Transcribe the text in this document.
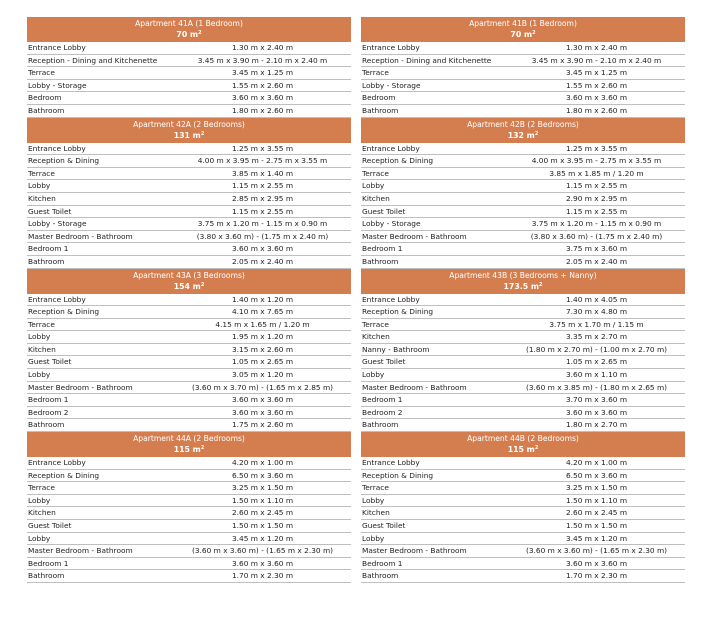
Apartment 41A (1 Bedroom)
70 $m^2$
Entrance Lobby	1.30 m x 2.40 m
Reception - Dining and Kitchenette	3.45 m x 3.90 m - 2.10 m x 2.40 m
Terrace	3.45 m x 1.25 m
Lobby - Storage	1.55 m x 2.60 m
Bedroom	3.60 m x 3.60 m
Bathroom	1.80 m x 2.60 m
Apartment 42A (2 Bedrooms)
131 $m^2$
Entrance Lobby	1.25 m x 3.55 m
Reception & Dining	4.00 m x 3.95 m - 2.75 m x 3.55 m
Terrace	3.85 m x 1.40 m
Lobby	1.15 m x 2.55 m
Kitchen	2.85 m x 2.95 m
Guest Toilet	1.15 m x 2.55 m
Lobby - Storage	3.75 m x 1.20 m - 1.15 m x 0.90 m
Master Bedroom - Bathroom	(3.80 x 3.60 m) - (1.75 m x 2.40 m)
Bedroom 1	3.60 m x 3.60 m
Bathroom	2.05 m x 2.40 m
Apartment 43A (3 Bedrooms)
154 $m^2$
Entrance Lobby	1.40 m x 1.20 m
Reception & Dining	4.10 m x 7.65 m
Terrace	4.15 m x 1.65 m / 1.20 m
Lobby	1.95 m x 1.20 m
Kitchen	3.15 m x 2.60 m
Guest Toilet	1.05 m x 2.65 m
Lobby	3.05 m x 1.20 m
Master Bedroom - Bathroom	(3.60 m x 3.70 m) - (1.65 m x 2.85 m)
Bedroom 1	3.60 m x 3.60 m
Bedroom 2	3.60 m x 3.60 m
Bathroom	1.75 m x 2.60 m
Apartment 44A (2 Bedrooms)
115 $m^2$
Entrance Lobby	4.20 m x 1.00 m
Reception & Dining	6.50 m x 3.60 m
Terrace	3.25 m x 1.50 m
Lobby	1.50 m x 1.10 m
Kitchen	2.60 m x 2.45 m
Guest Toilet	1.50 m x 1.50 m
Lobby	3.45 m x 1.20 m
Master Bedroom - Bathroom	(3.60 m x 3.60 m) - (1.65 m x 2.30 m)
Bedroom 1	3.60 m x 3.60 m
Bathroom	1.70 m x 2.30 m
Apartment 41B (1 Bedroom)
70 $m^2$
Entrance Lobby	1.30 m x 2.40 m
Reception - Dining and Kitchenette	3.45 m x 3.90 m - 2.10 m x 2.40 m
Terrace	3.45 m x 1.25 m
Lobby - Storage	1.55 m x 2.60 m
Bedroom	3.60 m x 3.60 m
Bathroom	1.80 m x 2.60 m
Apartment 42B (2 Bedrooms)
132 $m^2$
Entrance Lobby	1.25 m x 3.55 m
Reception & Dining	4.00 m x 3.95 m - 2.75 m x 3.55 m
Terrace	3.85 m x 1.85 m / 1.20 m
Lobby	1.15 m x 2.55 m
Kitchen	2.90 m x 2.95 m
Guest Toilet	1.15 m x 2.55 m
Lobby - Storage	3.75 m x 1.20 m - 1.15 m x 0.90 m
Master Bedroom - Bathroom	(3.80 x 3.60 m) - (1.75 m x 2.40 m)
Bedroom 1	3.75 m x 3.60 m
Bathroom	2.05 m x 2.40 m
Apartment 43B (3 Bedrooms + Nanny)
173.5 $m^2$
Entrance Lobby	1.40 m x 4.05 m
Reception & Dining	7.30 m x 4.80 m
Terrace	3.75 m x 1.70 m / 1.15 m
Kitchen	3.35 m x 2.70 m
Nanny - Bathroom	(1.80 m x 2.70 m) - (1.00 m x 2.70 m)
Guest Toilet	1.05 m x 2.65 m
Lobby	3.60 m x 1.10 m
Master Bedroom - Bathroom	(3.60 m x 3.85 m) - (1.80 m x 2.65 m)
Bedroom 1	3.70 m x 3.60 m
Bedroom 2	3.60 m x 3.60 m
Bathroom	1.80 m x 2.70 m
Apartment 44B (2 Bedrooms)
115 $m^2$
Entrance Lobby	4.20 m x 1.00 m
Reception & Dining	6.50 m x 3.60 m
Terrace	3.25 m x 1.50 m
Lobby	1.50 m x 1.10 m
Kitchen	2.60 m x 2.45 m
Guest Toilet	1.50 m x 1.50 m
Lobby	3.45 m x 1.20 m
Master Bedroom - Bathroom	(3.60 m x 3.60 m) - (1.65 m x 2.30 m)
Bedroom 1	3.60 m x 3.60 m
Bathroom	1.70 m x 2.30 m
